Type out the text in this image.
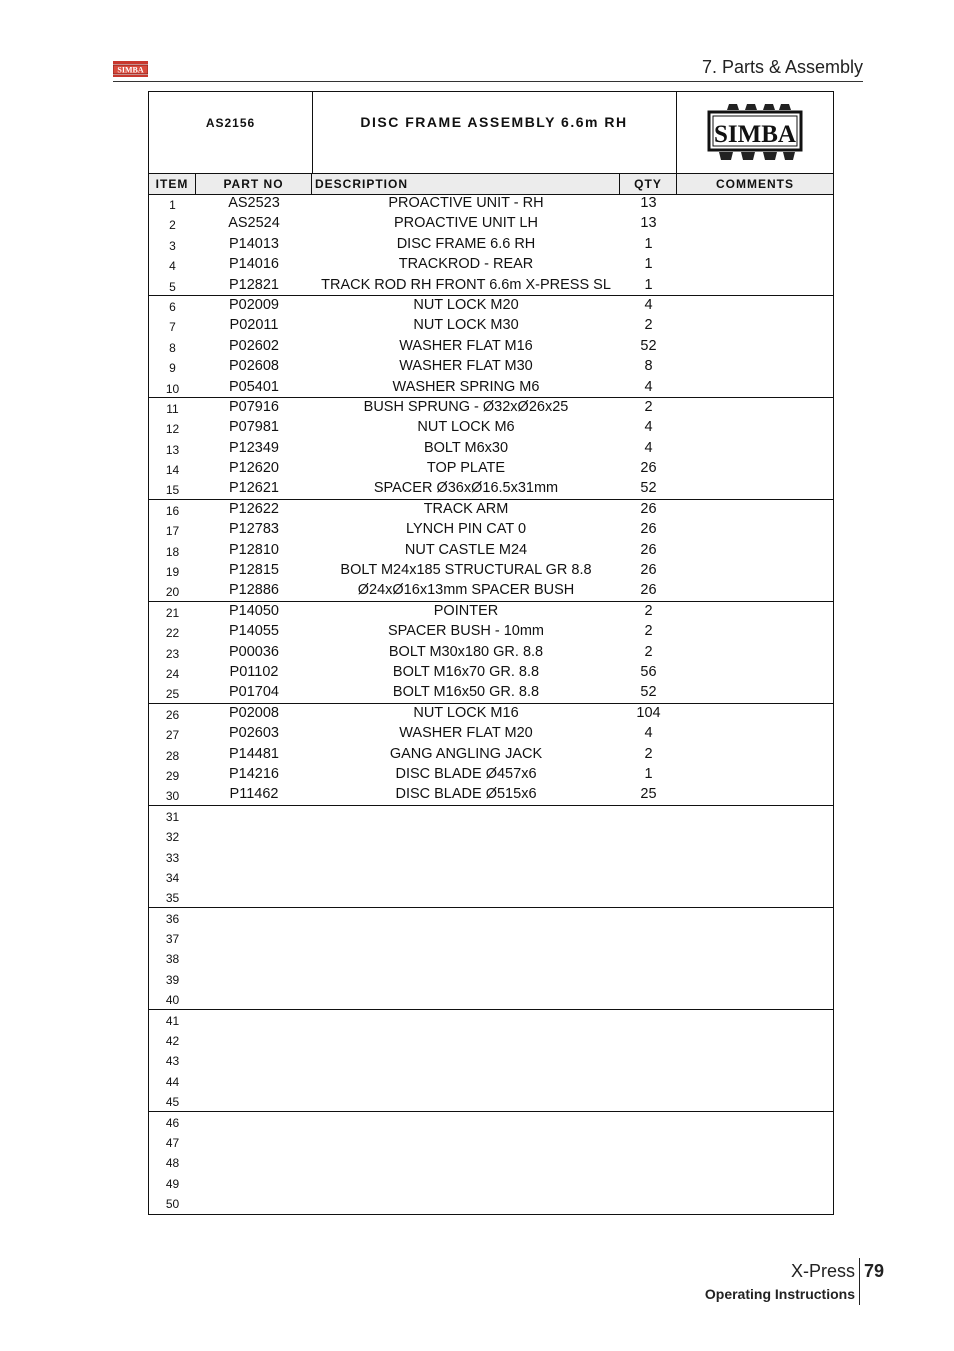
SIMBA	7. Parts & Assembly
AS2156	DISC FRAME ASSEMBLY 6.6m RH	SIMBA
ITEM	PART NO	DESCRIPTION	QTY	COMMENTS
1	AS2523	PROACTIVE UNIT - RH	13
2	AS2524	PROACTIVE UNIT LH	13
3	P14013	DISC FRAME 6.6 RH	1
4	P14016	TRACKROD - REAR	1
5	P12821	TRACK ROD RH FRONT 6.6m X-PRESS SL	1
6	P02009	NUT LOCK M20	4
7	P02011	NUT LOCK M30	2
8	P02602	WASHER FLAT M16	52
9	P02608	WASHER FLAT M30	8
10	P05401	WASHER SPRING M6	4
11	P07916	BUSH SPRUNG - Ø32xØ26x25	2
12	P07981	NUT LOCK M6	4
13	P12349	BOLT M6x30	4
14	P12620	TOP PLATE	26
15	P12621	SPACER Ø36xØ16.5x31mm	52
16	P12622	TRACK ARM	26
17	P12783	LYNCH PIN CAT 0	26
18	P12810	NUT CASTLE M24	26
19	P12815	BOLT M24x185 STRUCTURAL GR 8.8	26
20	P12886	Ø24xØ16x13mm SPACER BUSH	26
21	P14050	POINTER	2
22	P14055	SPACER BUSH - 10mm	2
23	P00036	BOLT M30x180 GR. 8.8	2
24	P01102	BOLT M16x70 GR. 8.8	56
25	P01704	BOLT M16x50 GR. 8.8	52
26	P02008	NUT LOCK M16	104
27	P02603	WASHER FLAT M20	4
28	P14481	GANG ANGLING JACK	2
29	P14216	DISC BLADE Ø457x6	1
30	P11462	DISC BLADE Ø515x6	25
31
32
33
34
35
36
37
38
39
40
41
42
43
44
45
46
47
48
49
50
X-Press
Operating Instructions
79
